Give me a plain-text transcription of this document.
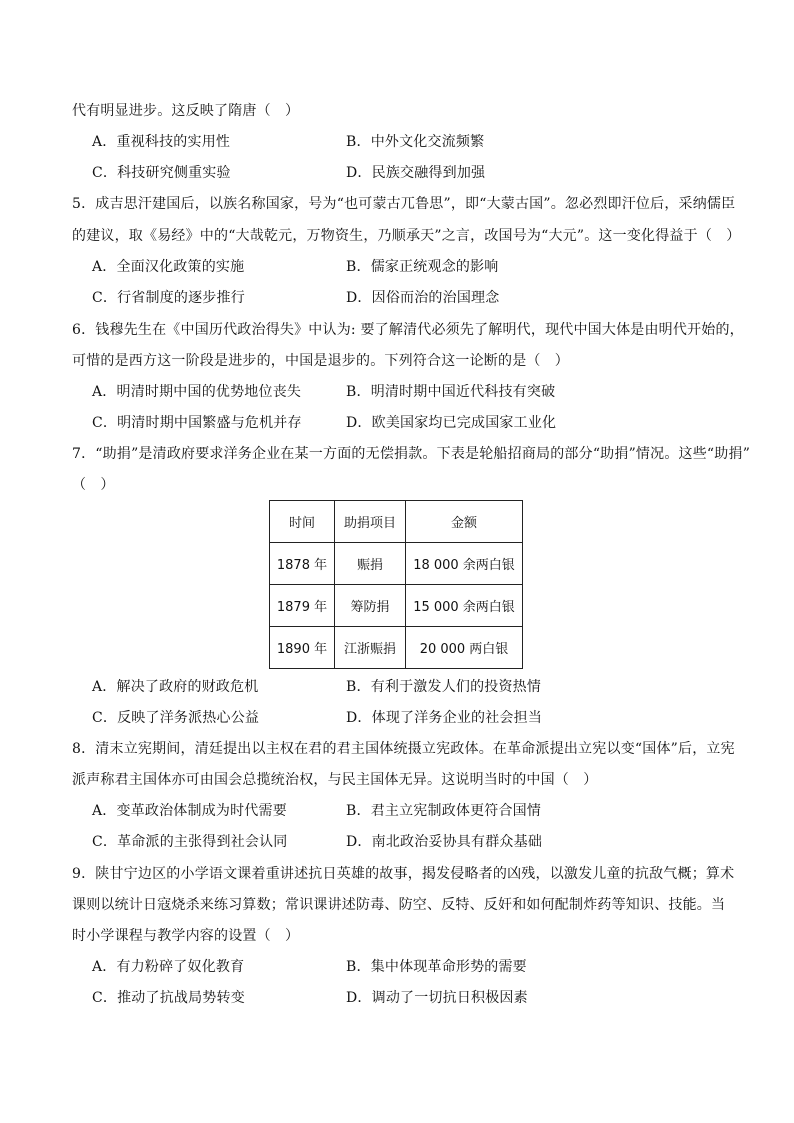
代有明显进步。这反映了隋唐（　）
A．重视科技的实用性	B．中外文化交流频繁
C．科技研究侧重实验	D．民族交融得到加强
5．成吉思汗建国后，以族名称国家，号为“也可蒙古兀鲁思”，即“大蒙古国”。忽必烈即汗位后，采纳儒臣
的建议，取《易经》中的“大哉乾元，万物资生，乃顺承天”之言，改国号为“大元”。这一变化得益于（　）
A．全面汉化政策的实施	B．儒家正统观念的影响
C．行省制度的逐步推行	D．因俗而治的治国理念
6．钱穆先生在《中国历代政治得失》中认为: 要了解清代必须先了解明代，现代中国大体是由明代开始的，
可惜的是西方这一阶段是进步的，中国是退步的。下列符合这一论断的是（　）
A．明清时期中国的优势地位丧失	B．明清时期中国近代科技有突破
C．明清时期中国繁盛与危机并存	D．欧美国家均已完成国家工业化
7．“助捐”是清政府要求洋务企业在某一方面的无偿捐款。下表是轮船招商局的部分“助捐”情况。这些“助捐”
（　）
时间	助捐项目	金额
1878 年	赈捐	18 000 余两白银
1879 年	筹防捐	15 000 余两白银
1890 年	江浙赈捐	20 000 两白银
A．解决了政府的财政危机	B．有利于激发人们的投资热情
C．反映了洋务派热心公益	D．体现了洋务企业的社会担当
8．清末立宪期间，清廷提出以主权在君的君主国体统摄立宪政体。在革命派提出立宪以变“国体”后，立宪
派声称君主国体亦可由国会总揽统治权，与民主国体无异。这说明当时的中国（　）
A．变革政治体制成为时代需要	B．君主立宪制政体更符合国情
C．革命派的主张得到社会认同	D．南北政治妥协具有群众基础
9．陕甘宁边区的小学语文课着重讲述抗日英雄的故事，揭发侵略者的凶残，以激发儿童的抗敌气概；算术
课则以统计日寇烧杀来练习算数；常识课讲述防毒、防空、反特、反奸和如何配制炸药等知识、技能。当
时小学课程与教学内容的设置（　）
A．有力粉碎了奴化教育	B．集中体现革命形势的需要
C．推动了抗战局势转变	D．调动了一切抗日积极因素
